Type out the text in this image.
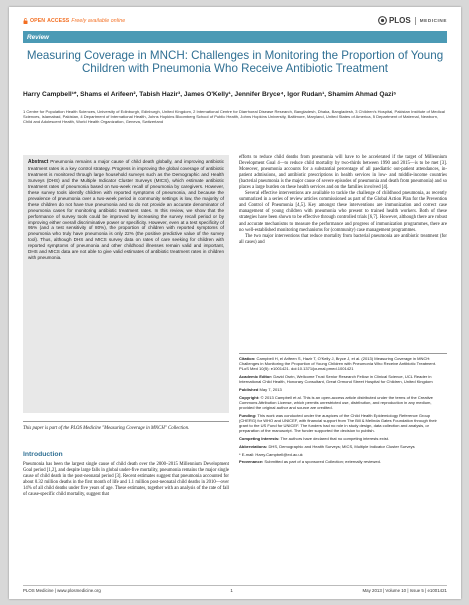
OPEN ACCESS Freely available online	PLOS MEDICINE
Review
Measuring Coverage in MNCH: Challenges in Monitoring the Proportion of Young Children with Pneumonia Who Receive Antibiotic Treatment
Harry Campbell¹*, Shams el Arifeen², Tabish Hazir³, James O'Kelly¹, Jennifer Bryce⁴, Igor Rudan¹, Shamim Ahmad Qazi⁵
1 Centre for Population Health Sciences, University of Edinburgh, Edinburgh, United Kingdom, 2 International Centre for Diarrhoeal Disease Research, Bangladesh, Dhaka, Bangladesh, 3 Children's Hospital, Pakistan Institute of Medical Sciences, Islamabad, Pakistan, 4 Department of International Health, Johns Hopkins Bloomberg School of Public Health, Johns Hopkins University, Baltimore, Maryland, United States of America, 5 Department of Maternal, Newborn, Child and Adolescent Health, World Health Organization, Geneva, Switzerland
Abstract Pneumonia remains a major cause of child death globally, and improving antibiotic treatment rates is a key control strategy. Progress in improving the global coverage of antibiotic treatment is monitored through large household surveys such as the Demographic and Health Surveys (DHS) and the Multiple Indicator Cluster Surveys (MICS), which estimate antibiotic treatment rates of pneumonia based on two-week recall of pneumonia by caregivers. However, these survey tools identify children with reported symptoms of pneumonia, and because the prevalence of pneumonia over a two-week period in community settings is low, the majority of these children do not have true pneumonia and so do not provide an accurate denominator of pneumonia cases for monitoring antibiotic treatment rates. In this review, we show that the performance of survey tools could be improved by increasing the survey recall period or by improving either overall discriminative power or specificity. However, even at a test specificity of 95% (and a test sensitivity of 80%), the proportion of children with reported symptoms of pneumonia who truly have pneumonia is only 22% (the positive predictive value of the survey tool). Thus, although DHS and MICS survey data on rates of care seeking for children with reported symptoms of pneumonia and other childhood illnesses remain valid and important, DHS and MICS data are not able to give valid estimates of antibiotic treatment rates in children with pneumonia.

efforts to reduce child deaths from pneumonia will have to be accelerated if the target of Millennium Development Goal 4—to reduce child mortality by two-thirds between 1990 and 2015—is to be met [3]. Moreover, pneumonia accounts for a substantial percentage of all paediatric out-patient attendances, in-patient admissions, and antibiotic prescriptions in health services in low- and middle-income countries (bacterial pneumonia is the major cause of severe episodes of pneumonia and death from pneumonia) and so places a large burden on these health services and on the families involved [4].

Several effective interventions are available to tackle the challenge of childhood pneumonia, as recently summarized in a series of review articles commissioned as part of the Global Action Plan for the Prevention and Control of Pneumonia [4,5]. Key amongst these interventions are immunization and correct case management of young children with pneumonia who present to trained health workers. Both of these strategies have been shown to be effective through controlled trials [6,7]. However, although there are robust and accurate mechanisms to measure the performance and progress of immunization programmes, there are no well-established monitoring mechanisms for (community) case management programmes.

The two major interventions that reduce mortality from bacterial pneumonia are antibiotic treatment (for all cases) and

Citation: Campbell H, el Arifeen S, Hazir T, O'Kelly J, Bryce J, et al. (2013) Measuring Coverage in MNCH: Challenges in Monitoring the Proportion of Young Children with Pneumonia Who Receive Antibiotic Treatment. PLoS Med 10(5): e1001421. doi:10.1371/journal.pmed.1001421

Academic Editor: David Osrin, Wellcome Trust Senior Research Fellow in Clinical Science, UCL Reader in International Child Health, Honorary Consultant, Great Ormond Street Hospital for Children, United Kingdom

Published May 7, 2013

Copyright: © 2013 Campbell et al. This is an open-access article distributed under the terms of the Creative Commons Attribution License, which permits unrestricted use, distribution, and reproduction in any medium, provided the original author and source are credited.

Funding: This work was conducted under the auspices of the Child Health Epidemiology Reference Group (CHERG) for WHO and UNICEF, with financial support from The Bill & Melinda Gates Foundation through their grant to the US Fund for UNICEF. The funders had no role in study design, data collection and analysis, or preparation of the manuscript. The funder supported the decision to publish.

Competing Interests: The authors have declared that no competing interests exist.

Abbreviations: DHS, Demographic and Health Surveys; MICS, Multiple Indicator Cluster Surveys

* E-mail: Harry.Campbell@ed.ac.uk

Provenance: Submitted as part of a sponsored Collection; externally reviewed.

This paper is part of the PLOS Medicine "Measuring Coverage in MNCH" Collection.
Introduction

Pneumonia has been the largest single cause of child death over the 2000–2015 Millennium Development Goal period [1,2], and despite large falls in global under-five mortality, pneumonia remains the major single cause of child death in the post-neonatal period [3]. Recent estimates suggest that pneumonia accounted for about 0.32 million deaths in the first month of life and 1.1 million post-neonatal child deaths in 2010—over 14% of all child deaths under five years of age. These estimates, together with an analysis of the rate of fall of cause-specific child mortality, suggest that

PLOS Medicine | www.plosmedicine.org	1	May 2013 | Volume 10 | Issue 5 | e1001421
